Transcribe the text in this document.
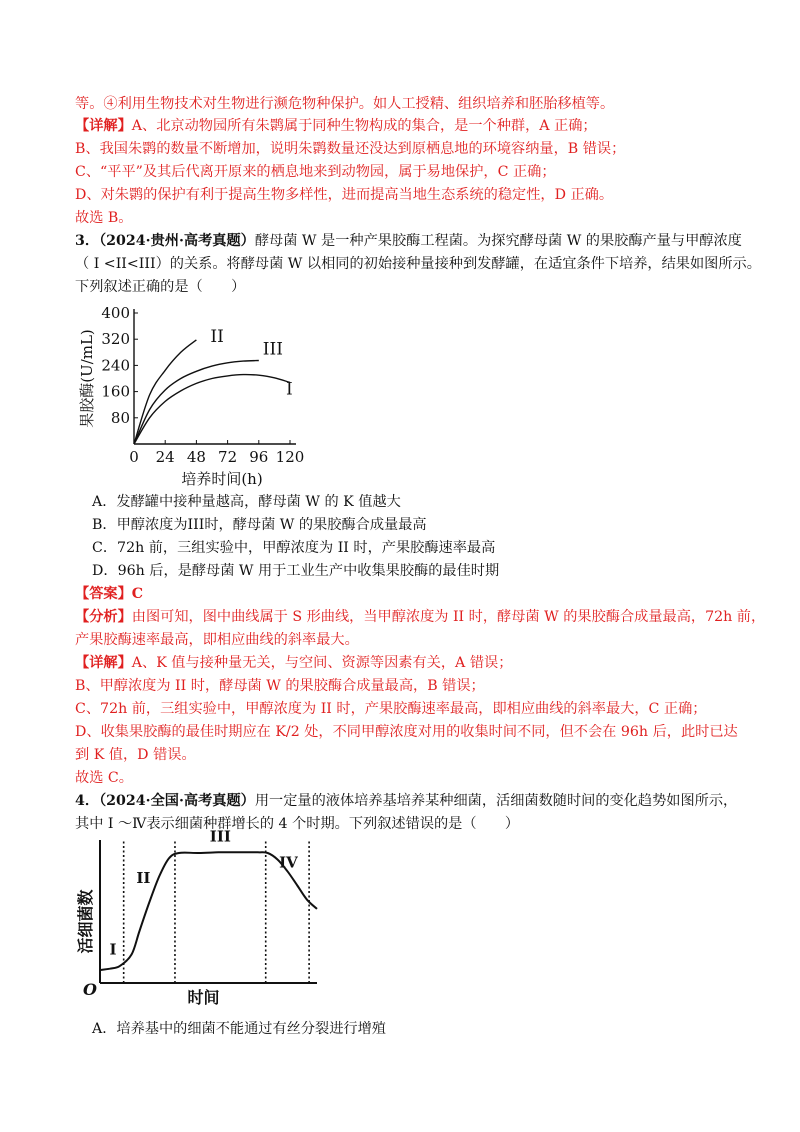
等。④利用生物技术对生物进行濒危物种保护。如人工授精、组织培养和胚胎移植等。
【详解】A、北京动物园所有朱鹮属于同种生物构成的集合，是一个种群，A 正确；
B、我国朱鹮的数量不断增加，说明朱鹮数量还没达到原栖息地的环境容纳量，B 错误；
C、“平平”及其后代离开原来的栖息地来到动物园，属于易地保护，C 正确；
D、对朱鹮的保护有利于提高生物多样性，进而提高当地生态系统的稳定性，D 正确。
故选 B。
3．（2024·贵州·高考真题）酵母菌 W 是一种产果胶酶工程菌。为探究酵母菌 W 的果胶酶产量与甲醇浓度
（ I <II<III）的关系。将酵母菌 W 以相同的初始接种量接种到发酵罐，在适宜条件下培养，结果如图所示。
下列叙述正确的是（　　）
0 24 48 72 96 120
80
160
240
320
400
培养时间(h)
果胶酶(U/mL)	II
III
I
A．发酵罐中接种量越高，酵母菌 W 的 K 值越大
B．甲醇浓度为III时，酵母菌 W 的果胶酶合成量最高
C．72h 前，三组实验中，甲醇浓度为 II 时，产果胶酶速率最高
D．96h 后，是酵母菌 W 用于工业生产中收集果胶酶的最佳时期
【答案】C
【分析】由图可知，图中曲线属于 S 形曲线，当甲醇浓度为 II 时，酵母菌 W 的果胶酶合成量最高，72h 前，
产果胶酶速率最高，即相应曲线的斜率最大。
【详解】A、K 值与接种量无关，与空间、资源等因素有关，A 错误；
B、甲醇浓度为 II 时，酵母菌 W 的果胶酶合成量最高，B 错误；
C、72h 前，三组实验中，甲醇浓度为 II 时，产果胶酶速率最高，即相应曲线的斜率最大，C 正确；
D、收集果胶酶的最佳时期应在 K/2 处，不同甲醇浓度对用的收集时间不同，但不会在 96h 后，此时已达
到 K 值，D 错误。
故选 C。
4．（2024·全国·高考真题）用一定量的液体培养基培养某种细菌，活细菌数随时间的变化趋势如图所示，
其中 I ～Ⅳ表示细菌种群增长的 4 个时期。下列叙述错误的是（　　）
I
II
III
IV
O	时间
活细菌数
A．培养基中的细菌不能通过有丝分裂进行增殖
